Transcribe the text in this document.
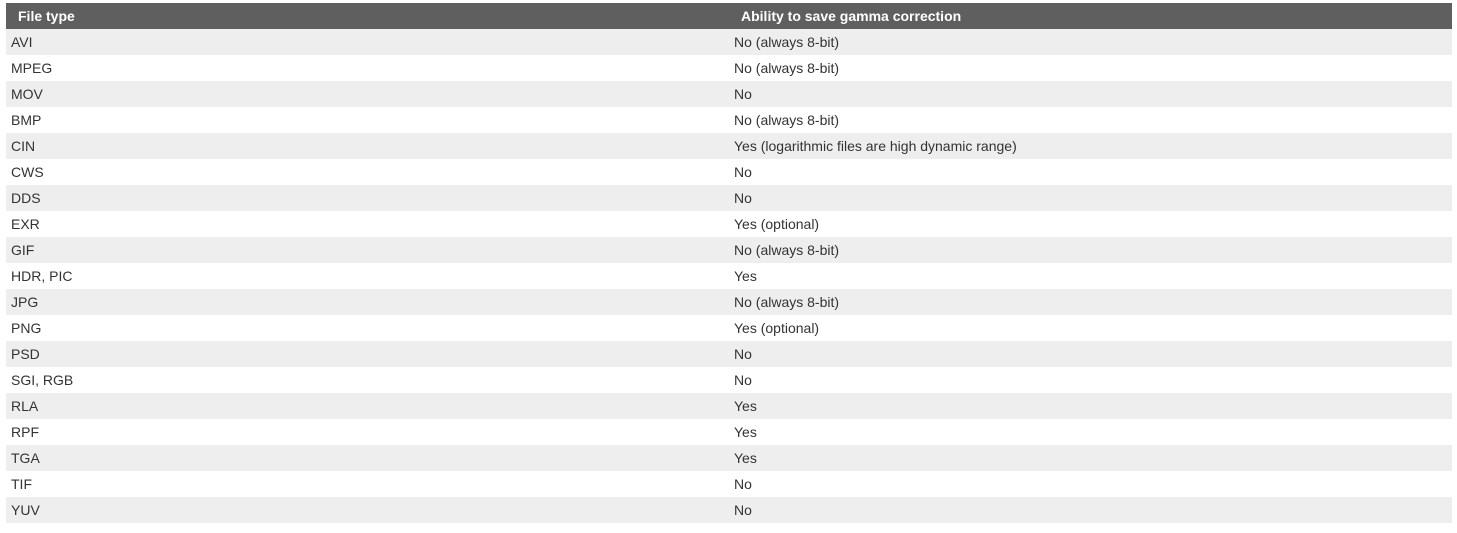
File type	Ability to save gamma correction
AVI	No (always 8-bit)
MPEG	No (always 8-bit)
MOV	No
BMP	No (always 8-bit)
CIN	Yes (logarithmic files are high dynamic range)
CWS	No
DDS	No
EXR	Yes (optional)
GIF	No (always 8-bit)
HDR, PIC	Yes
JPG	No (always 8-bit)
PNG	Yes (optional)
PSD	No
SGI, RGB	No
RLA	Yes
RPF	Yes
TGA	Yes
TIF	No
YUV	No
